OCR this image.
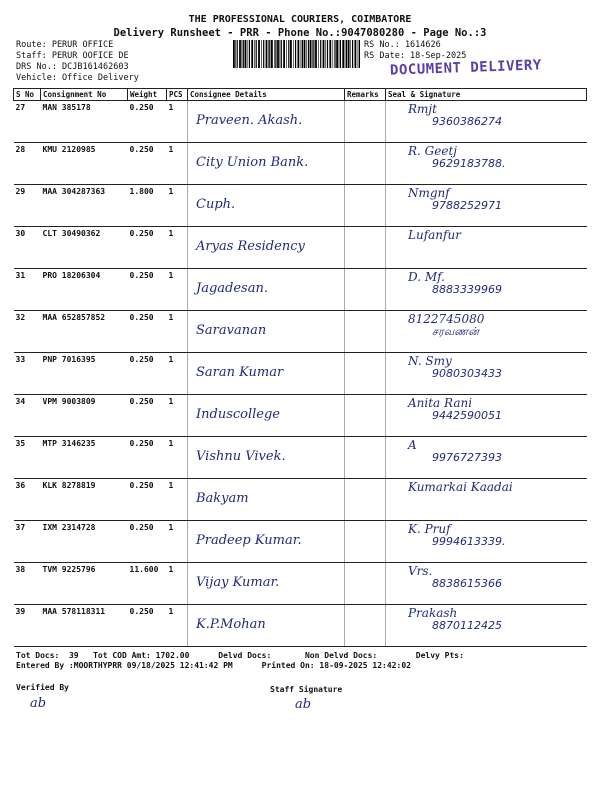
THE PROFESSIONAL COURIERS, COIMBATORE
Delivery Runsheet - PRR - Phone No.:9047080280 - Page No.:3
Route: PERUR OFFICE
Staff: PERUR OOFICE DE
DRS No.: DCJB161462603
Vehicle: Office Delivery
RS No.: 1614626
RS Date: 18-Sep-2025
DOCUMENT DELIVERY
S No	Consignment No	Weight	PCS	Consignee Details	Remarks	Seal & Signature
27	MAN 385178	0.250	1	Praveen. Akash.		Rmjt
9360386274

28	KMU 2120985	0.250	1	City Union Bank.		R. Geetj
9629183788.

29	MAA 304287363	1.800	1	Cuph.		Nmgnf
9788252971

30	CLT 30490362	0.250	1	Aryas Residency		Lufanfur

31	PRO 18206304	0.250	1	Jagadesan.		D. Mf.
8883339969

32	MAA 652857852	0.250	1	Saravanan		8122745080
சரவணன்

33	PNP 7016395	0.250	1	Saran Kumar		N. Smy
9080303433

34	VPM 9003809	0.250	1	Induscollege		Anita Rani
9442590051

35	MTP 3146235	0.250	1	Vishnu Vivek.		A
9976727393

36	KLK 8278819	0.250	1	Bakyam		Kumarkai Kaadai

37	IXM 2314728	0.250	1	Pradeep Kumar.		K. Pruf
9994613339.

38	TVM 9225796	11.600	1	Vijay Kumar.		Vrs.
8838615366

39	MAA 578118311	0.250	1	K.P.Mohan		Prakash
8870112425
Tot Docs:  39   Tot COD Amt: 1702.00      Delvd Docs:       Non Delvd Docs:        Delvy Pts:
Entered By :MOORTHYPRR 09/18/2025 12:41:42 PM      Printed On: 18-09-2025 12:42:02
Verified By	Staff Signature
ab	ab
